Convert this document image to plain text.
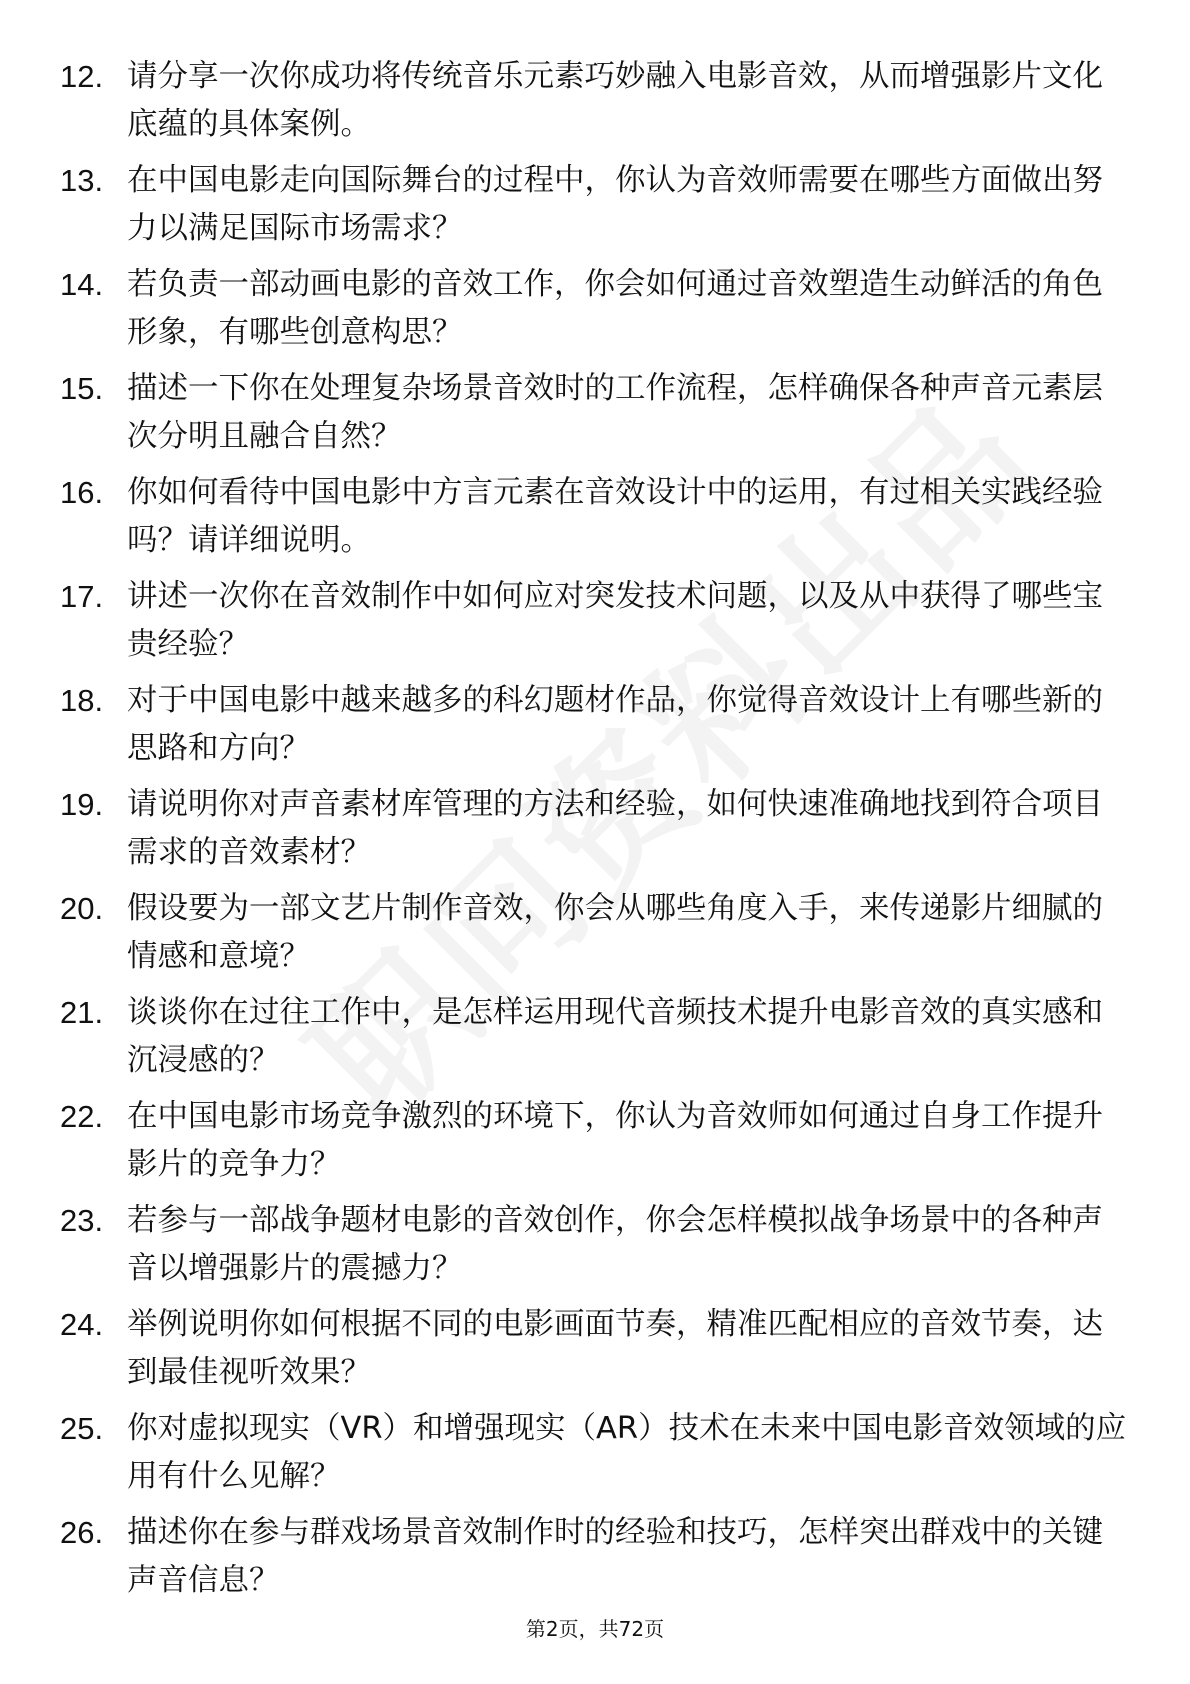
12. 请分享一次你成功将传统音乐元素巧妙融入电影音效，从而增强影片文化底蕴的具体案例。
13. 在中国电影走向国际舞台的过程中，你认为音效师需要在哪些方面做出努力以满足国际市场需求？
14. 若负责一部动画电影的音效工作，你会如何通过音效塑造生动鲜活的角色形象，有哪些创意构思？
15. 描述一下你在处理复杂场景音效时的工作流程，怎样确保各种声音元素层次分明且融合自然？
16. 你如何看待中国电影中方言元素在音效设计中的运用，有过相关实践经验吗？请详细说明。
17. 讲述一次你在音效制作中如何应对突发技术问题，以及从中获得了哪些宝贵经验？
18. 对于中国电影中越来越多的科幻题材作品，你觉得音效设计上有哪些新的思路和方向？
19. 请说明你对声音素材库管理的方法和经验，如何快速准确地找到符合项目需求的音效素材？
20. 假设要为一部文艺片制作音效，你会从哪些角度入手，来传递影片细腻的情感和意境？
21. 谈谈你在过往工作中，是怎样运用现代音频技术提升电影音效的真实感和沉浸感的？
22. 在中国电影市场竞争激烈的环境下，你认为音效师如何通过自身工作提升影片的竞争力？
23. 若参与一部战争题材电影的音效创作，你会怎样模拟战争场景中的各种声音以增强影片的震撼力？
24. 举例说明你如何根据不同的电影画面节奏，精准匹配相应的音效节奏，达到最佳视听效果？
25. 你对虚拟现实（VR）和增强现实（AR）技术在未来中国电影音效领域的应用有什么见解？
26. 描述你在参与群戏场景音效制作时的经验和技巧，怎样突出群戏中的关键声音信息？
第2页，共72页
